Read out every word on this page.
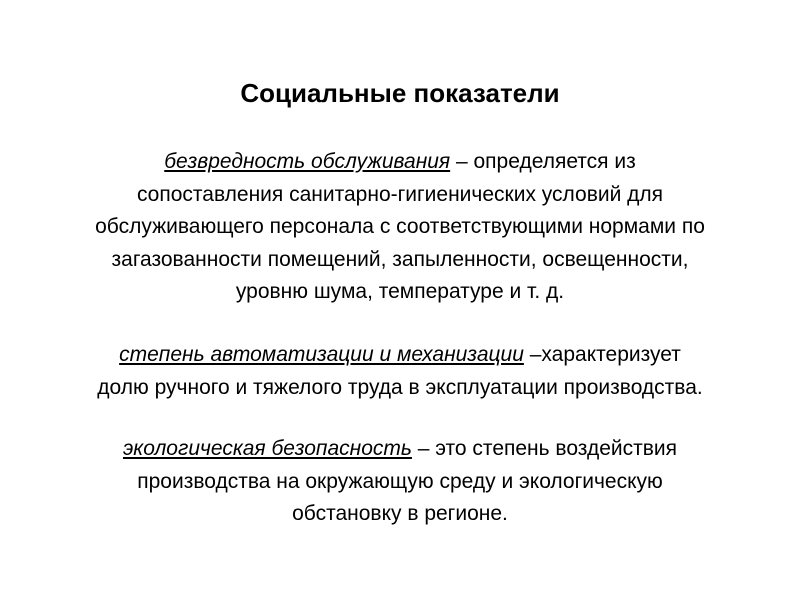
Социальные показатели
безвредность обслуживания – определяется из
сопоставления санитарно-гигиенических условий для
обслуживающего персонала с соответствующими нормами по
загазованности помещений, запыленности, освещенности,
уровню шума, температуре и т. д.
степень автоматизации и механизации –характеризует
долю ручного и тяжелого труда в эксплуатации производства.
экологическая безопасность – это степень воздействия
производства на окружающую среду и экологическую
обстановку в регионе.
